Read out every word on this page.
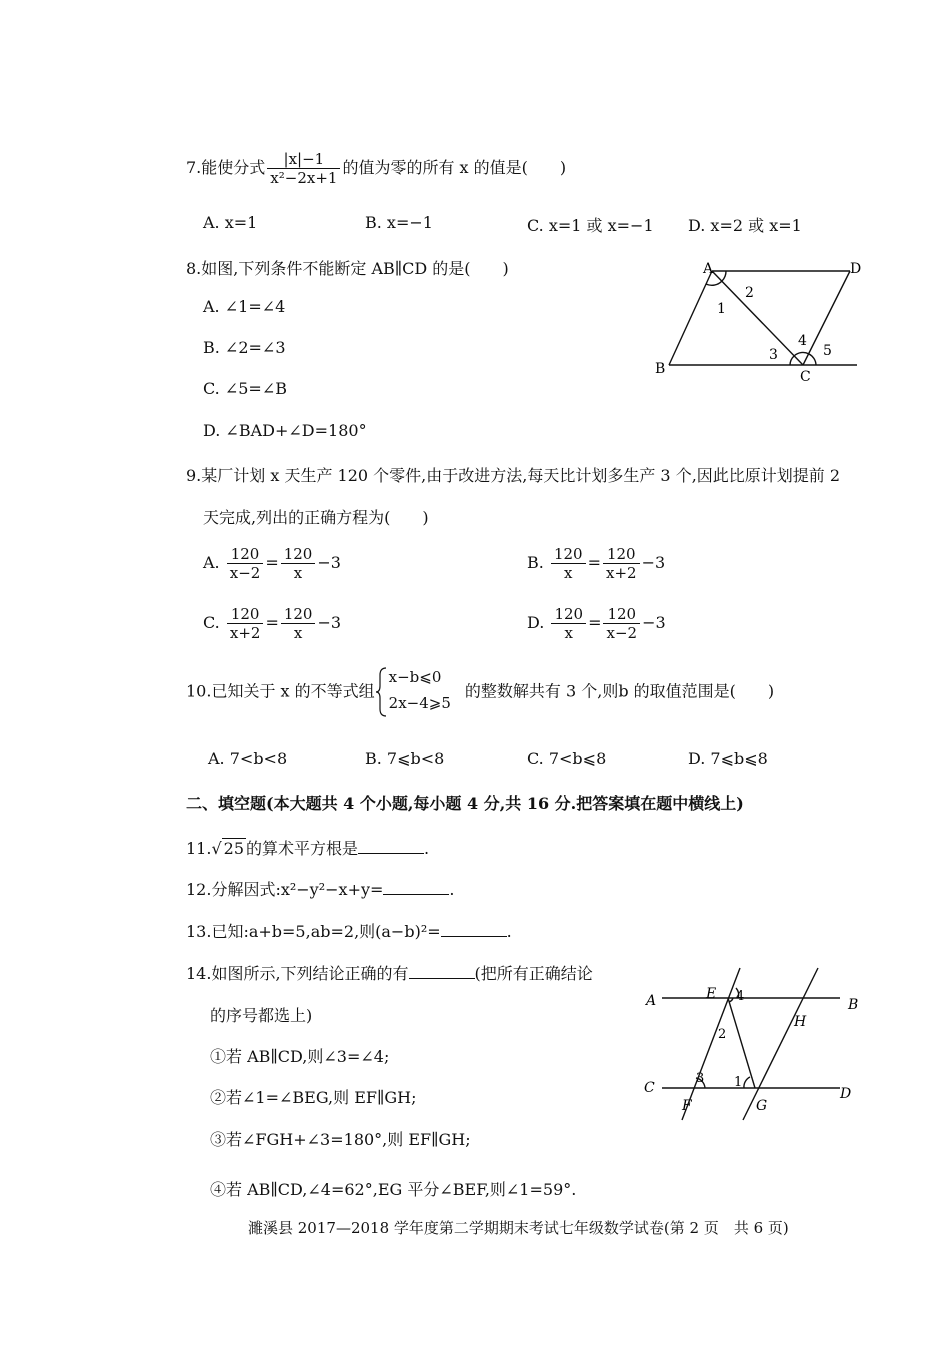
7.能使分式 $\frac{|x|-1}{\text{x²−2x+1}}$ 的值为零的所有 x 的值是(　　)
A. x=1	B. x=−1	C. x=1 或 x=−1 D. x=2 或 x=1
8.如图,下列条件不能断定 AB∥CD 的是(　　)
A. ∠1=∠4
B. ∠2=∠3
C. ∠5=∠B
D. ∠BAD+∠D=180°
A	D
B	C
1
2
3
4
5
9.某厂计划 x 天生产 120 个零件,由于改进方法,每天比计划多生产 3 个,因此比原计划提前 2
天完成,列出的正确方程为(　　)
A. $\frac{120}{x-2} = \frac{120}{x} -3$	B. $\frac{120}{x} = \frac{120}{x+2} -3$
C. $\frac{120}{x+2} = \frac{120}{x} -3$	D. $\frac{120}{x} = \frac{120}{x-2} -3$
10.已知关于 x 的不等式组
x−b⩽0
2x−4⩾5
的整数解共有 3 个,则b 的取值范围是(　　)
A. 7<b<8	B. 7⩽b<8	C. 7<b⩽8	D. 7⩽b⩽8
二、填空题(本大题共 4 个小题,每小题 4 分,共 16 分.把答案填在题中横线上)
11.√ 25 的算术平方根是	.
12.分解因式:x²−y²−x+y=	.
13.已知:a+b=5,ab=2,则(a−b)²=	.
14.如图所示,下列结论正确的有	(把所有正确结论
的序号都选上)
①若 AB∥CD,则∠3=∠4;
②若∠1=∠BEG,则 EF∥GH;
③若∠FGH+∠3=180°,则 EF∥GH;
④若 AB∥CD,∠4=62°,EG 平分∠BEF,则∠1=59°.
A	B
C	D
E
F	G
H
1
2
3
4
濉溪县 2017—2018 学年度第二学期期末考试七年级数学试卷(第 2 页　共 6 页)
